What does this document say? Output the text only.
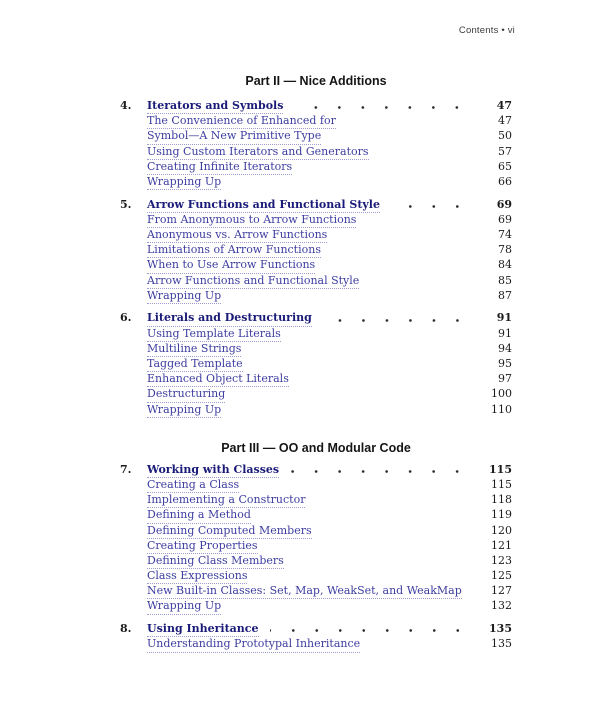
Contents • vi
Part II — Nice Additions
4.	Iterators and Symbols	47
The Convenience of Enhanced for	47
Symbol—A New Primitive Type	50
Using Custom Iterators and Generators	57
Creating Infinite Iterators	65
Wrapping Up	66
5.	Arrow Functions and Functional Style	69
From Anonymous to Arrow Functions	69
Anonymous vs. Arrow Functions	74
Limitations of Arrow Functions	78
When to Use Arrow Functions	84
Arrow Functions and Functional Style	85
Wrapping Up	87
6.	Literals and Destructuring	91
Using Template Literals	91
Multiline Strings	94
Tagged Template	95
Enhanced Object Literals	97
Destructuring	100
Wrapping Up	110
Part III — OO and Modular Code
7.	Working with Classes	115
Creating a Class	115
Implementing a Constructor	118
Defining a Method	119
Defining Computed Members	120
Creating Properties	121
Defining Class Members	123
Class Expressions	125
New Built-in Classes: Set, Map, WeakSet, and WeakMap	127
Wrapping Up	132
8.	Using Inheritance	135
Understanding Prototypal Inheritance	135
